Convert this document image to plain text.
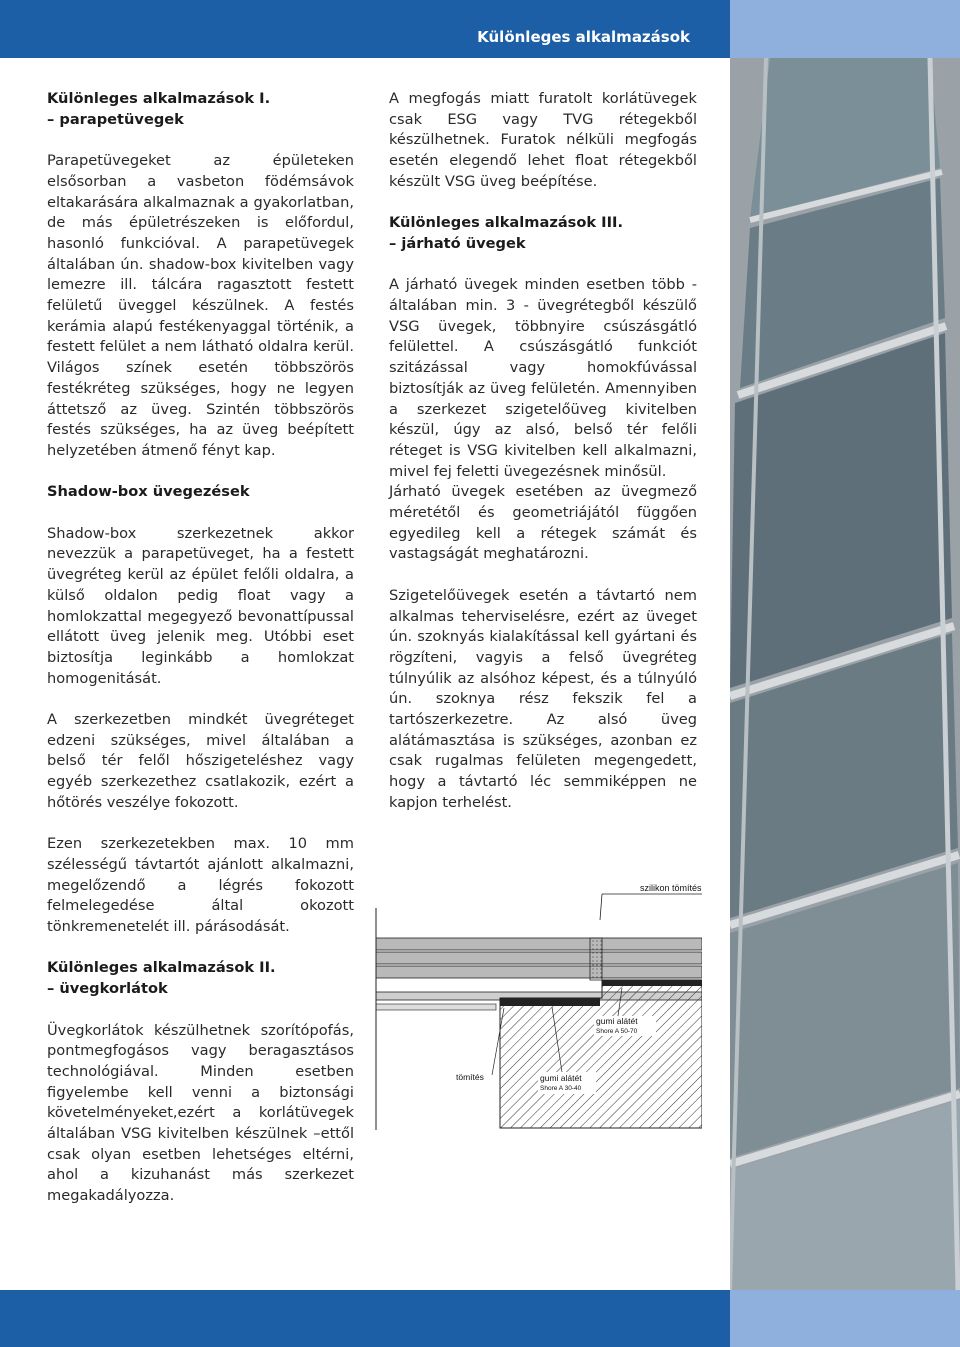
Különleges alkalmazások
Különleges alkalmazások I.
– parapetüvegek

Parapetüvegeket az épületeken elsősorban a vasbeton födémsávok eltakarására alkalmaznak a gyakorlatban, de más épületrészeken is előfordul, hasonló funkcióval. A parapetüvegek általában ún. shadow-box kivitelben vagy lemezre ill. tálcára ragasztott festett felületű üveggel készülnek. A festés kerámia alapú festékenyaggal történik, a festett felület a nem látható oldalra kerül. Világos színek esetén többszörös festékréteg szükséges, hogy ne legyen áttetsző az üveg. Szintén többszörös festés szükséges, ha az üveg beépített helyzetében átmenő fényt kap.

Shadow-box üvegezések

Shadow-box szerkezetnek akkor nevezzük a parapetüveget, ha a festett üvegréteg kerül az épület felőli oldalra, a külső oldalon pedig float vagy a homlokzattal megegyező bevonattípussal ellátott üveg jelenik meg. Utóbbi eset biztosítja leginkább a homlokzat homogenitását.

A szerkezetben mindkét üvegréteget edzeni szükséges, mivel általában a belső tér felől hőszigeteléshez vagy egyéb szerkezethez csatlakozik, ezért a hőtörés veszélye fokozott.

Ezen szerkezetekben max. 10 mm szélességű távtartót ajánlott alkalmazni, megelőzendő a légrés fokozott felmelegedése által okozott tönkremenetelét ill. párásodását.

Különleges alkalmazások II.
– üvegkorlátok

Üvegkorlátok készülhetnek szorítópofás, pontmegfogásos vagy beragasztásos technológiával. Minden esetben figyelembe kell venni a biztonsági követelményeket,ezért a korlátüvegek általában VSG kivitelben készülnek –ettől csak olyan esetben lehetséges eltérni, ahol a kizuhanást más szerkezet megakadályozza.

A megfogás miatt furatolt korlátüvegek csak ESG vagy TVG rétegekből készülhetnek. Furatok nélküli megfogás esetén elegendő lehet float rétegekből készült VSG üveg beépítése.

Különleges alkalmazások III.
– járható üvegek

A járható üvegek minden esetben több - általában min. 3 - üvegrétegből készülő VSG üvegek, többnyire csúszásgátló felülettel. A csúszásgátló funkciót szitázással vagy homokfúvással biztosítják az üveg felületén. Amennyiben a szerkezet szigetelőüveg kivitelben készül, úgy az alsó, belső tér felőli réteget is VSG kivitelben kell alkalmazni, mivel fej feletti üvegezésnek minősül.

Járható üvegek esetében az üvegmező méretétől és geometriájától függően egyedileg kell a rétegek számát és vastagságát meghatározni.

Szigetelőüvegek esetén a távtartó nem alkalmas teherviselésre, ezért az üveget ún. szoknyás kialakítással kell gyártani és rögzíteni, vagyis a felső üvegréteg túlnyúlik az alsóhoz képest, és a túlnyúló ún. szoknya rész fekszik fel a tartószerkezetre. Az alsó üveg alátámasztása is szükséges, azonban ez csak rugalmas felületen megengedett, hogy a távtartó léc semmiképpen ne kapjon terhelést.

szilikon tömítés
gumi alátét
Shore A 50-70
tömítés	gumi alátét
Shore A 30-40
